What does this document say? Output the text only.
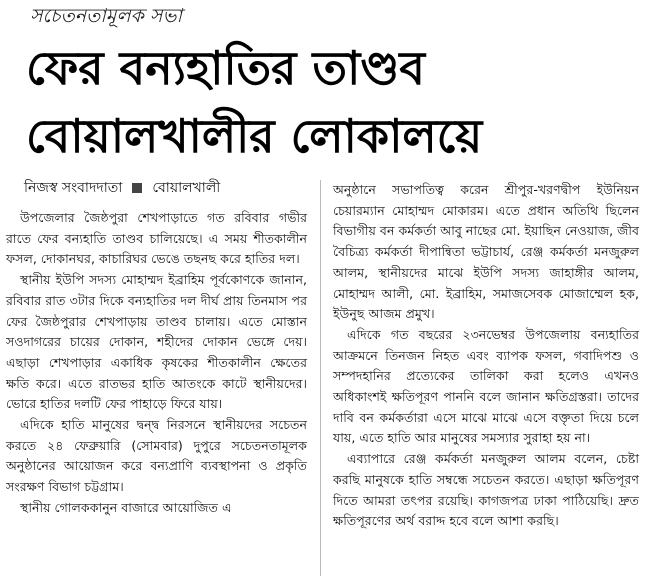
সচেতনতামূলক সভা
ফের বন্যহাতির তাণ্ডব
বোয়ালখালীর লোকালয়ে
নিজস্ব সংবাদদাতা বোয়ালখালী

উপজেলার জৈষ্ঠপুরা শেখপাড়াতে গত রবিবার গভীর রাতে ফের বন্যহাতি তাণ্ডব চালিয়েছে। এ সময় শীতকালীন ফসল, দোকানঘর, কাচারিঘর ভেঙে তছনছ করে হাতির দল।

স্থানীয় ইউপি সদস্য মোহাম্মদ ইব্রাহিম পূর্বকোণকে জানান, রবিবার রাত ৩টার দিকে বন্যহাতির দল দীর্ঘ প্রায় তিনমাস পর ফের জৈষ্ঠপুরার শেখপাড়ায় তাণ্ডব চালায়। এতে মোস্তান সওদাগরের চায়ের দোকান, শহীদের দোকান ভেঙ্গে দেয়। এছাড়া শেখপাড়ার একাধিক কৃষকের শীতকালীন ক্ষেতের ক্ষতি করে। এতে রাতভর হাতি আতংকে কাটে স্থানীয়দের। ভোরে হাতির দলটি ফের পাহাড়ে ফিরে যায়।

এদিকে হাতি মানুষের দ্বন্দ্ব নিরসনে স্থানীয়দের সচেতন করতে ২৪ ফেব্রুয়ারি (সোমবার) দুপুরে সচেতনতামূলক অনুষ্ঠানের আয়োজন করে বন্যপ্রাণি ব্যবস্থাপনা ও প্রকৃতি সংরক্ষণ বিভাগ চট্টগ্রাম।

স্থানীয় গোলককানুন বাজারে আয়োজিত এ

অনুষ্ঠানে সভাপতিত্ব করেন শ্রীপুর-খরণদ্বীপ ইউনিয়ন চেয়ারম্যান মোহাম্মদ মোকারম। এতে প্রধান অতিথি ছিলেন বিভাগীয় বন কর্মকর্তা আবু নাছের মো. ইয়াছিন নেওয়াজ, জীব বৈচিত্র্য কর্মকর্তা দীপান্বিতা ভট্টাচার্য, রেঞ্জ কর্মকর্তা মনজুরুল আলম, স্থানীয়দের মাঝে ইউপি সদস্য জাহাঙ্গীর আলম, মোহাম্মদ আলী, মো. ইব্রাহিম, সমাজসেবক মোজাম্মেল হক, ইউনুছ আজম প্রমুখ।

এদিকে গত বছরের ২৩নভেম্বর উপজেলায় বন্যহাতির আক্রমনে তিনজন নিহত এবং ব্যাপক ফসল, গবাদিপশু ও সম্পদহানির প্রত্যেকের তালিকা করা হলেও এখনও অধিকাংশই ক্ষতিপূরণ পাননি বলে জানান ক্ষতিগ্রস্তরা। তাদের দাবি বন কর্মকর্তারা এসে মাঝে মাঝে এসে বক্তৃতা দিয়ে চলে যায়, এতে হাতি আর মানুষের সমস্যার সুরাহা হয় না।

এব্যাপারে রেঞ্জ কর্মকর্তা মনজুরুল আলম বলেন, চেষ্টা করছি মানুষকে হাতি সম্বন্ধে সচেতন করতে। এছাড়া ক্ষতিপূরণ দিতে আমরা তৎপর রয়েছি। কাগজপত্র ঢাকা পাঠিয়েছি। দ্রুত ক্ষতিপূরণের অর্থ বরাদ্দ হবে বলে আশা করছি।
